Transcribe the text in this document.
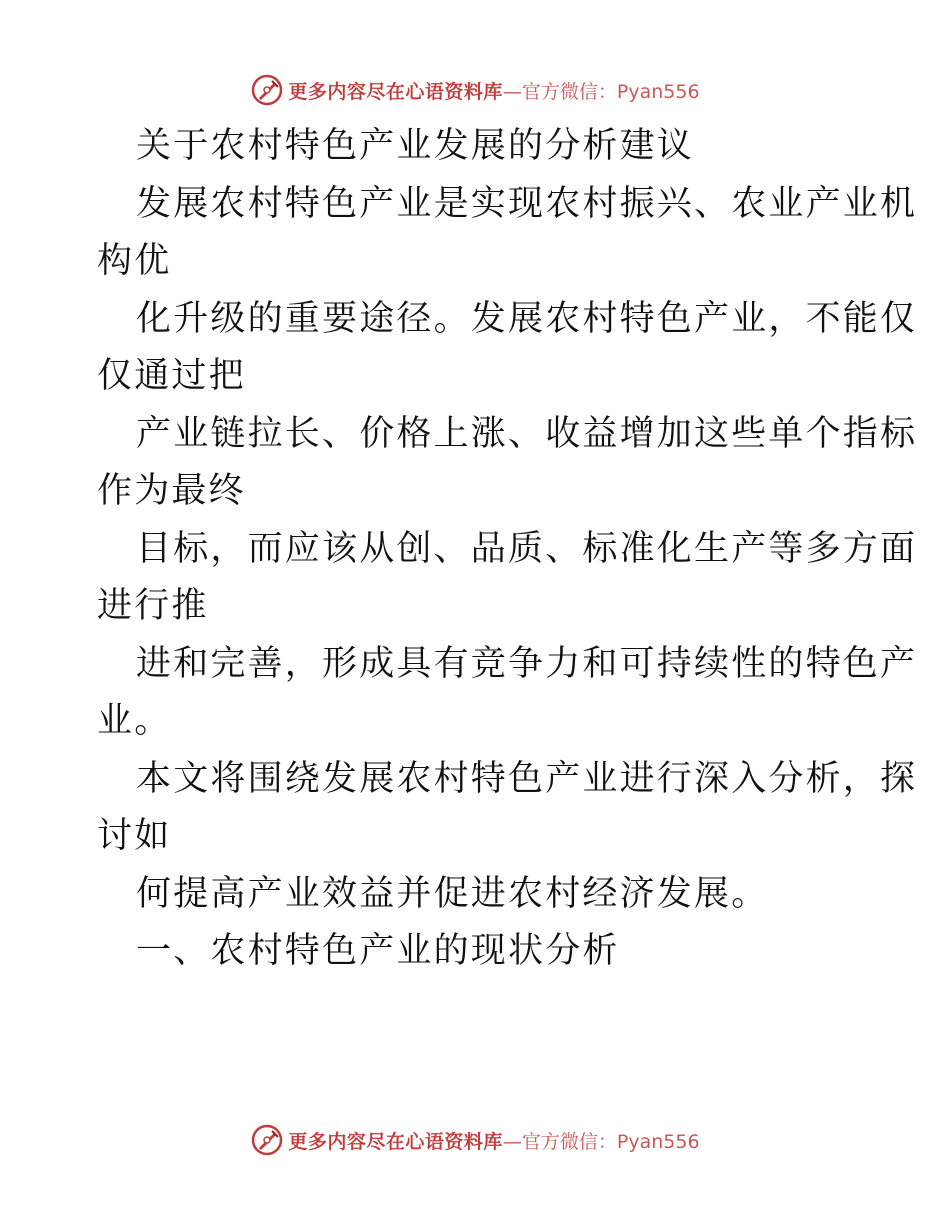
更多内容尽在心语资料库 —官方微信：Pyan556
关于农村特色产业发展的分析建议
发展农村特色产业是实现农村振兴、农业产业机
构优
化升级的重要途径。发展农村特色产业，不能仅
仅通过把
产业链拉长、价格上涨、收益增加这些单个指标
作为最终
目标，而应该从创、品质、标准化生产等多方面
进行推
进和完善，形成具有竞争力和可持续性的特色产
业。
本文将围绕发展农村特色产业进行深入分析，探
讨如
何提高产业效益并促进农村经济发展。
一、农村特色产业的现状分析
更多内容尽在心语资料库 —官方微信：Pyan556
